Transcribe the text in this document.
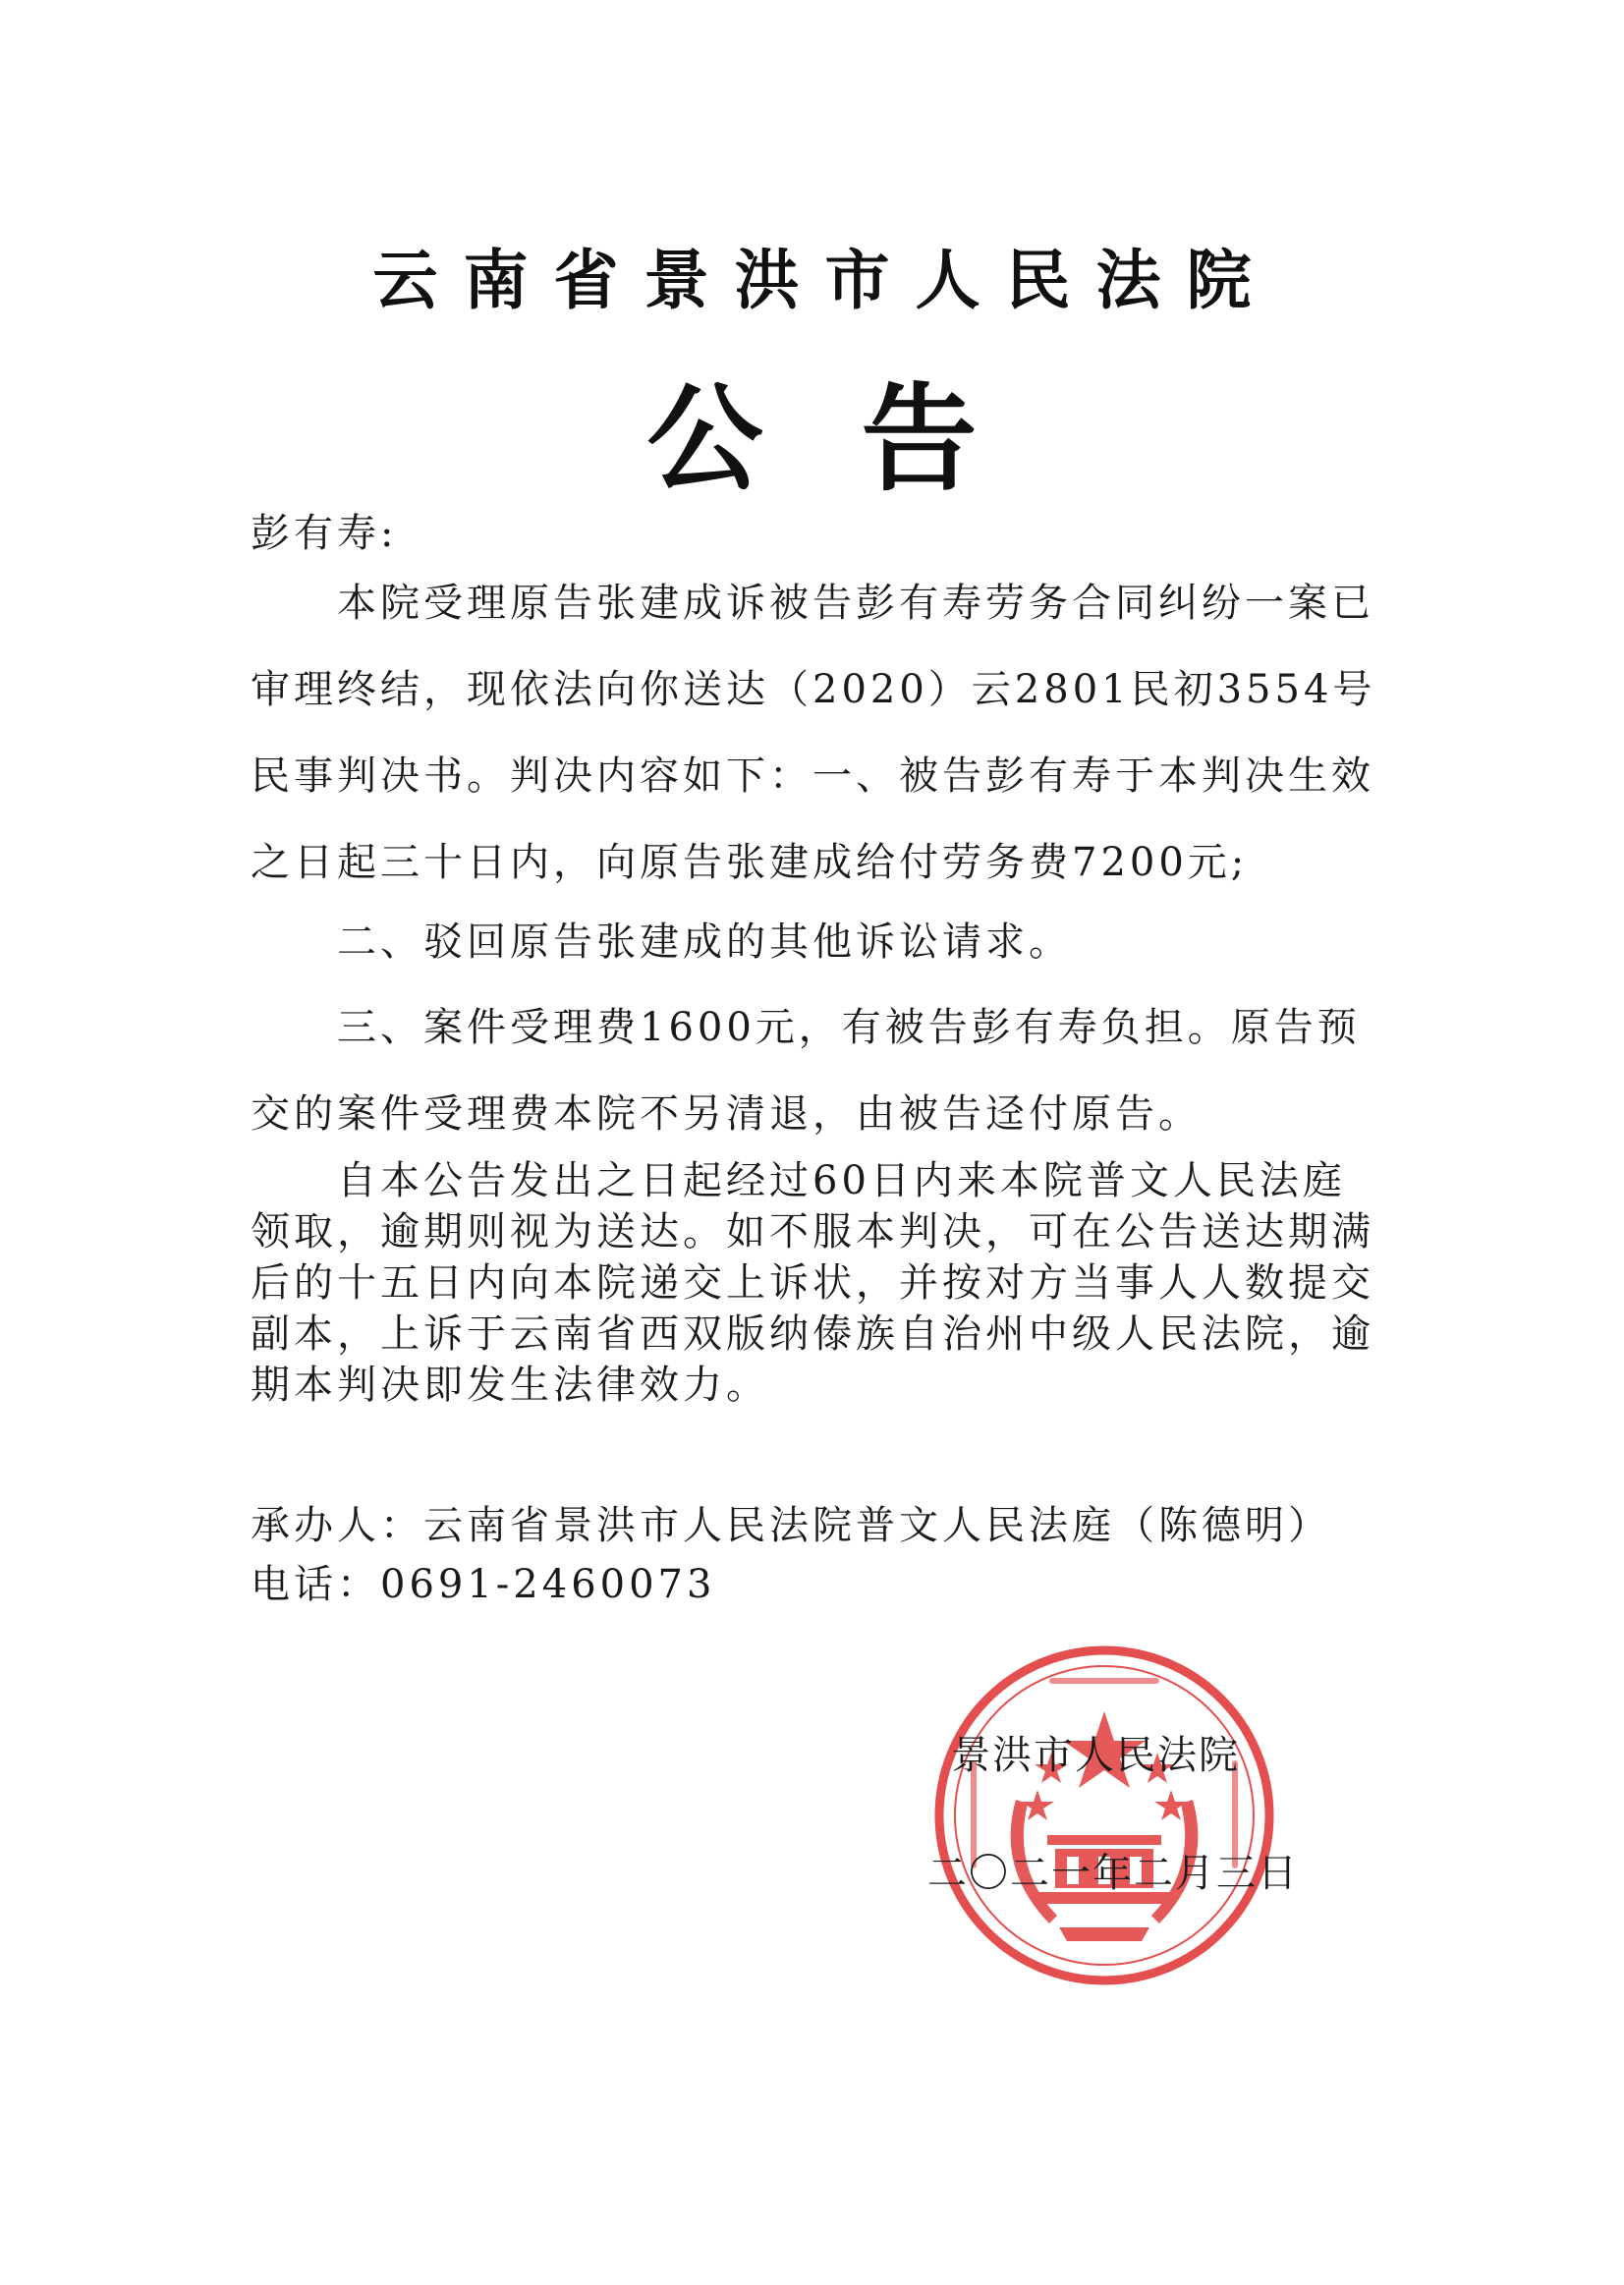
云南省景洪市人民法院
公告

彭有寿:

本院受理原告张建成诉被告彭有寿劳务合同纠纷一案已审理终结，现依法向你送达（2020）云2801民初3554号民事判决书。判决内容如下：一、被告彭有寿于本判决生效之日起三十日内，向原告张建成给付劳务费7200元;

二、驳回原告张建成的其他诉讼请求。

三、案件受理费1600元，有被告彭有寿负担。原告预交的案件受理费本院不另清退，由被告迳付原告。

自本公告发出之日起经过60日内来本院普文人民法庭领取，逾期则视为送达。如不服本判决，可在公告送达期满后的十五日内向本院递交上诉状，并按对方当事人人数提交副本，上诉于云南省西双版纳傣族自治州中级人民法院，逾期本判决即发生法律效力。

承办人：云南省景洪市人民法院普文人民法庭（陈德明）

电话：0691-2460073

景洪市人民法院
二〇二一年二月三日
